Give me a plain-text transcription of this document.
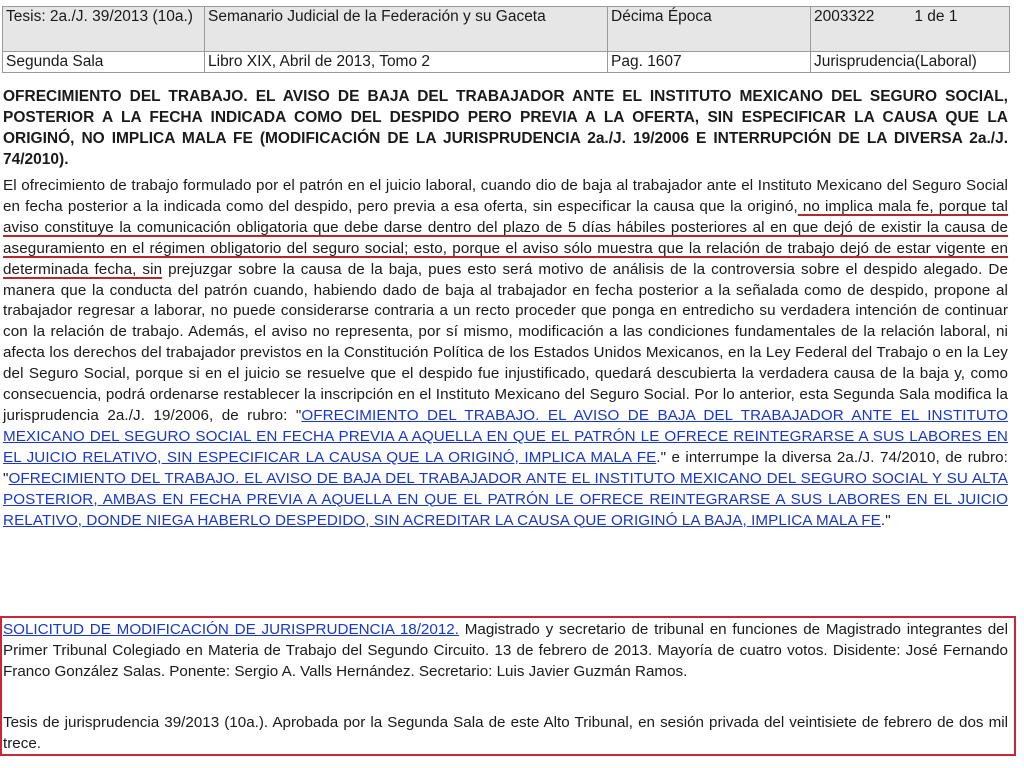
Tesis: 2a./J. 39/2013 (10a.)	Semanario Judicial de la Federación y su Gaceta	Décima Época	2003322 1 de 1
Segunda Sala	Libro XIX, Abril de 2013, Tomo 2	Pag. 1607	Jurisprudencia(Laboral)

OFRECIMIENTO DEL TRABAJO. EL AVISO DE BAJA DEL TRABAJADOR ANTE EL INSTITUTO MEXICANO DEL SEGURO SOCIAL, POSTERIOR A LA FECHA INDICADA COMO DEL DESPIDO PERO PREVIA A LA OFERTA, SIN ESPECIFICAR LA CAUSA QUE LA ORIGINÓ, NO IMPLICA MALA FE (MODIFICACIÓN DE LA JURISPRUDENCIA 2a./J. 19/2006 E INTERRUPCIÓN DE LA DIVERSA 2a./J. 74/2010).

El ofrecimiento de trabajo formulado por el patrón en el juicio laboral, cuando dio de baja al trabajador ante el Instituto Mexicano del Seguro Social en fecha posterior a la indicada como del despido, pero previa a esa oferta, sin especificar la causa que la originó, no implica mala fe, porque tal aviso constituye la comunicación obligatoria que debe darse dentro del plazo de 5 días hábiles posteriores al en que dejó de existir la causa de aseguramiento en el régimen obligatorio del seguro social; esto, porque el aviso sólo muestra que la relación de trabajo dejó de estar vigente en determinada fecha, sin prejuzgar sobre la causa de la baja, pues esto será motivo de análisis de la controversia sobre el despido alegado. De manera que la conducta del patrón cuando, habiendo dado de baja al trabajador en fecha posterior a la señalada como de despido, propone al trabajador regresar a laborar, no puede considerarse contraria a un recto proceder que ponga en entredicho su verdadera intención de continuar con la relación de trabajo. Además, el aviso no representa, por sí mismo, modificación a las condiciones fundamentales de la relación laboral, ni afecta los derechos del trabajador previstos en la Constitución Política de los Estados Unidos Mexicanos, en la Ley Federal del Trabajo o en la Ley del Seguro Social, porque si en el juicio se resuelve que el despido fue injustificado, quedará descubierta la verdadera causa de la baja y, como consecuencia, podrá ordenarse restablecer la inscripción en el Instituto Mexicano del Seguro Social. Por lo anterior, esta Segunda Sala modifica la jurisprudencia 2a./J. 19/2006, de rubro: "OFRECIMIENTO DEL TRABAJO. EL AVISO DE BAJA DEL TRABAJADOR ANTE EL INSTITUTO MEXICANO DEL SEGURO SOCIAL EN FECHA PREVIA A AQUELLA EN QUE EL PATRÓN LE OFRECE REINTEGRARSE A SUS LABORES EN EL JUICIO RELATIVO, SIN ESPECIFICAR LA CAUSA QUE LA ORIGINÓ, IMPLICA MALA FE." e interrumpe la diversa 2a./J. 74/2010, de rubro: "OFRECIMIENTO DEL TRABAJO. EL AVISO DE BAJA DEL TRABAJADOR ANTE EL INSTITUTO MEXICANO DEL SEGURO SOCIAL Y SU ALTA POSTERIOR, AMBAS EN FECHA PREVIA A AQUELLA EN QUE EL PATRÓN LE OFRECE REINTEGRARSE A SUS LABORES EN EL JUICIO RELATIVO, DONDE NIEGA HABERLO DESPEDIDO, SIN ACREDITAR LA CAUSA QUE ORIGINÓ LA BAJA, IMPLICA MALA FE."

SOLICITUD DE MODIFICACIÓN DE JURISPRUDENCIA 18/2012. Magistrado y secretario de tribunal en funciones de Magistrado integrantes del Primer Tribunal Colegiado en Materia de Trabajo del Segundo Circuito. 13 de febrero de 2013. Mayoría de cuatro votos. Disidente: José Fernando Franco González Salas. Ponente: Sergio A. Valls Hernández. Secretario: Luis Javier Guzmán Ramos.

Tesis de jurisprudencia 39/2013 (10a.). Aprobada por la Segunda Sala de este Alto Tribunal, en sesión privada del veintisiete de febrero de dos mil trece.
